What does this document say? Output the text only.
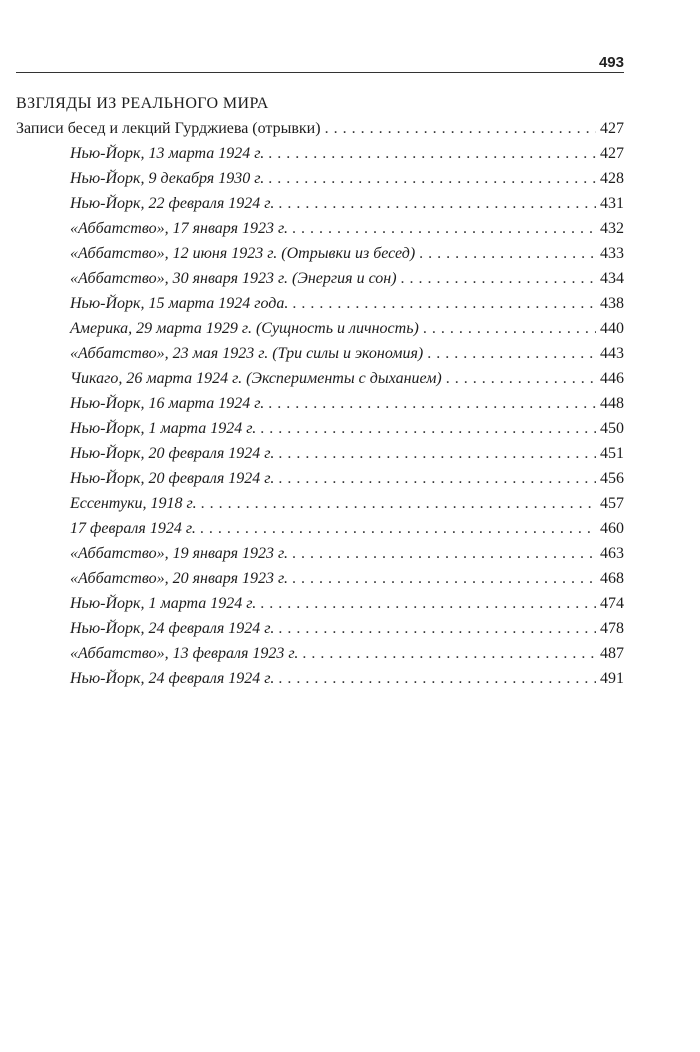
493
ВЗГЛЯДЫ ИЗ РЕАЛЬНОГО МИРА
Записи бесед и лекций Гурджиева (отрывки) . . .	427
Нью-Йорк, 13 марта 1924 г. . . .	427
Нью-Йорк, 9 декабря 1930 г. . . .	428
Нью-Йорк, 22 февраля 1924 г. . . .	431
«Аббатство», 17 января 1923 г. . . .	432
«Аббатство», 12 июня 1923 г. (Отрывки из бесед) . . .	433
«Аббатство», 30 января 1923 г. (Энергия и сон) . . .	434
Нью-Йорк, 15 марта 1924 года. . . .	438
Америка, 29 марта 1929 г. (Сущность и личность) . . .	440
«Аббатство», 23 мая 1923 г. (Три силы и экономия) . . .	443
Чикаго, 26 марта 1924 г. (Эксперименты с дыханием) . . .	446
Нью-Йорк, 16 марта 1924 г. . . .	448
Нью-Йорк, 1 марта 1924 г. . . .	450
Нью-Йорк, 20 февраля 1924 г. . . .	451
Нью-Йорк, 20 февраля 1924 г. . . .	456
Ессентуки, 1918 г. . . .	457
17 февраля 1924 г. . . .	460
«Аббатство», 19 января 1923 г. . . .	463
«Аббатство», 20 января 1923 г. . . .	468
Нью-Йорк, 1 марта 1924 г. . . .	474
Нью-Йорк, 24 февраля 1924 г. . . .	478
«Аббатство», 13 февраля 1923 г. . . .	487
Нью-Йорк, 24 февраля 1924 г. . . .	491
